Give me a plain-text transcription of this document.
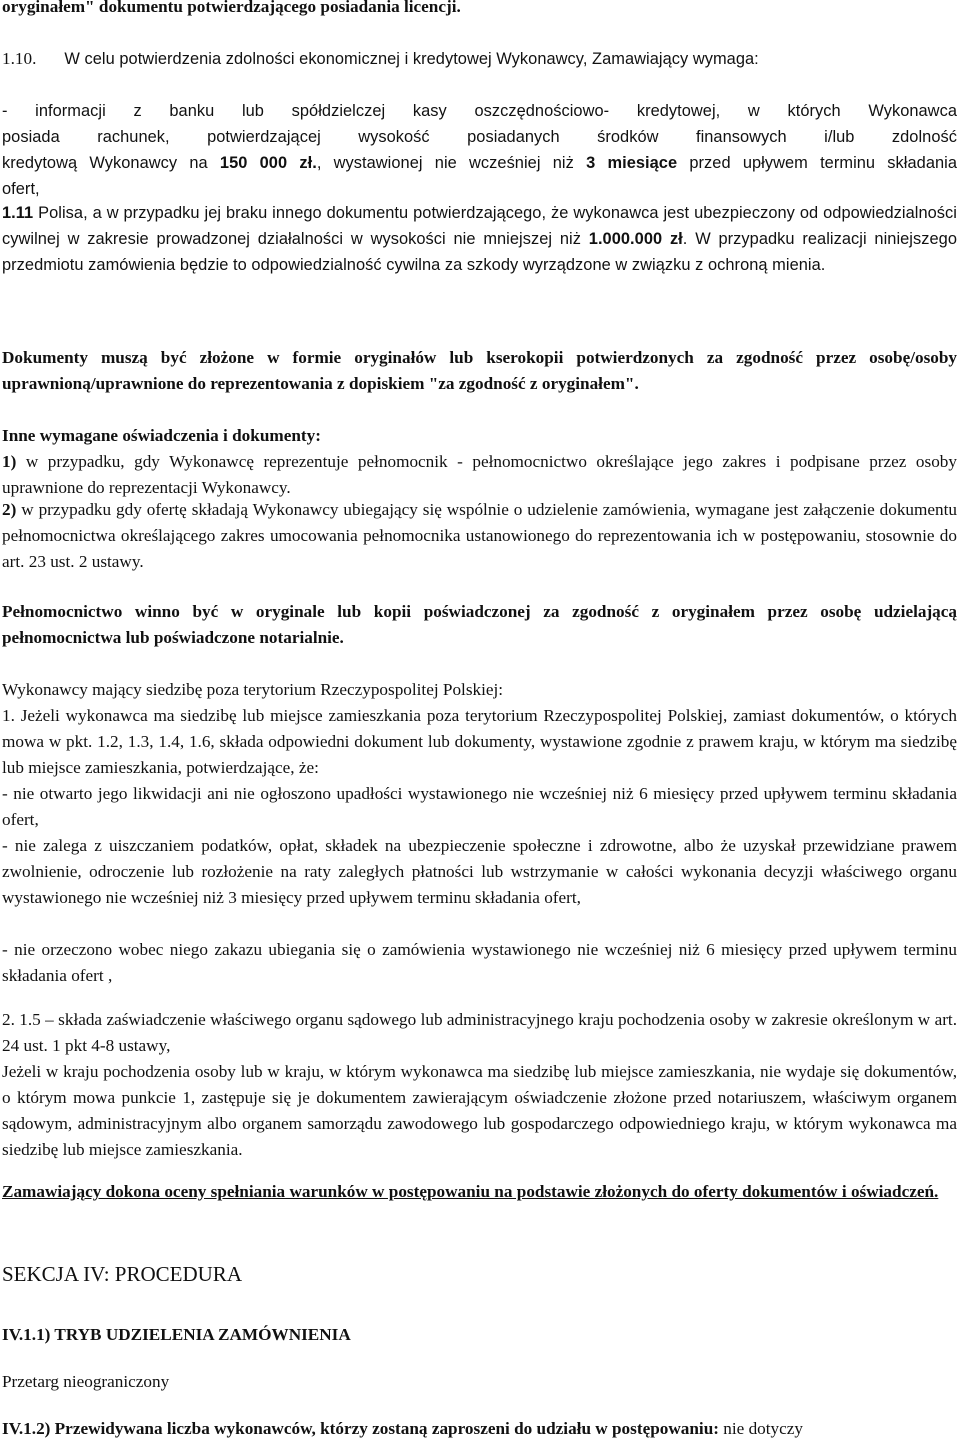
oryginałem" dokumentu potwierdzającego posiadania licencji.

1.10. W celu potwierdzenia zdolności ekonomicznej i kredytowej Wykonawcy, Zamawiający wymaga:

- informacji z banku lub spółdzielczej kasy oszczędnościowo- kredytowej, w których Wykonawca
posiada rachunek, potwierdzającej wysokość posiadanych środków finansowych i/lub zdolność
kredytową Wykonawcy na 150 000 zł., wystawionej nie wcześniej niż 3 miesiące przed upływem terminu składania
ofert,

1.11 Polisa, a w przypadku jej braku innego dokumentu potwierdzającego, że wykonawca jest ubezpieczony od odpowiedzialności cywilnej w zakresie prowadzonej działalności w wysokości nie mniejszej niż 1.000.000 zł. W przypadku realizacji niniejszego przedmiotu zamówienia będzie to odpowiedzialność cywilna za szkody wyrządzone w związku z ochroną mienia.

Dokumenty muszą być złożone w formie oryginałów lub kserokopii potwierdzonych za zgodność przez osobę/osoby uprawnioną/uprawnione do reprezentowania z dopiskiem "za zgodność z oryginałem".

Inne wymagane oświadczenia i dokumenty:

1) w przypadku, gdy Wykonawcę reprezentuje pełnomocnik - pełnomocnictwo określające jego zakres i podpisane przez osoby uprawnione do reprezentacji Wykonawcy.

2) w przypadku gdy ofertę składają Wykonawcy ubiegający się wspólnie o udzielenie zamówienia, wymagane jest załączenie dokumentu pełnomocnictwa określającego zakres umocowania pełnomocnika ustanowionego do reprezentowania ich w postępowaniu, stosownie do art. 23 ust. 2 ustawy.

Pełnomocnictwo winno być w oryginale lub kopii poświadczonej za zgodność z oryginałem przez osobę udzielającą pełnomocnictwa lub poświadczone notarialnie.

Wykonawcy mający siedzibę poza terytorium Rzeczypospolitej Polskiej:

1. Jeżeli wykonawca ma siedzibę lub miejsce zamieszkania poza terytorium Rzeczypospolitej Polskiej, zamiast dokumentów, o których mowa w pkt. 1.2, 1.3, 1.4, 1.6, składa odpowiedni dokument lub dokumenty, wystawione zgodnie z prawem kraju, w którym ma siedzibę lub miejsce zamieszkania, potwierdzające, że:

- nie otwarto jego likwidacji ani nie ogłoszono upadłości wystawionego nie wcześniej niż 6 miesięcy przed upływem terminu składania ofert,

- nie zalega z uiszczaniem podatków, opłat, składek na ubezpieczenie społeczne i zdrowotne, albo że uzyskał przewidziane prawem zwolnienie, odroczenie lub rozłożenie na raty zaległych płatności lub wstrzymanie w całości wykonania decyzji właściwego organu wystawionego nie wcześniej niż 3 miesięcy przed upływem terminu składania ofert,

- nie orzeczono wobec niego zakazu ubiegania się o zamówienia wystawionego nie wcześniej niż 6 miesięcy przed upływem terminu składania ofert ,

2. 1.5 – składa zaświadczenie właściwego organu sądowego lub administracyjnego kraju pochodzenia osoby w zakresie określonym w art. 24 ust. 1 pkt 4-8 ustawy,

Jeżeli w kraju pochodzenia osoby lub w kraju, w którym wykonawca ma siedzibę lub miejsce zamieszkania, nie wydaje się dokumentów, o którym mowa punkcie 1, zastępuje się je dokumentem zawierającym oświadczenie złożone przed notariuszem, właściwym organem sądowym, administracyjnym albo organem samorządu zawodowego lub gospodarczego odpowiedniego kraju, w którym wykonawca ma siedzibę lub miejsce zamieszkania.

Zamawiający dokona oceny spełniania warunków w postępowaniu na podstawie złożonych do oferty dokumentów i oświadczeń.

SEKCJA IV: PROCEDURA

IV.1.1) TRYB UDZIELENIA ZAMÓWNIENIA

Przetarg nieograniczony

IV.1.2) Przewidywana liczba wykonawców, którzy zostaną zaproszeni do udziału w postępowaniu: nie dotyczy
